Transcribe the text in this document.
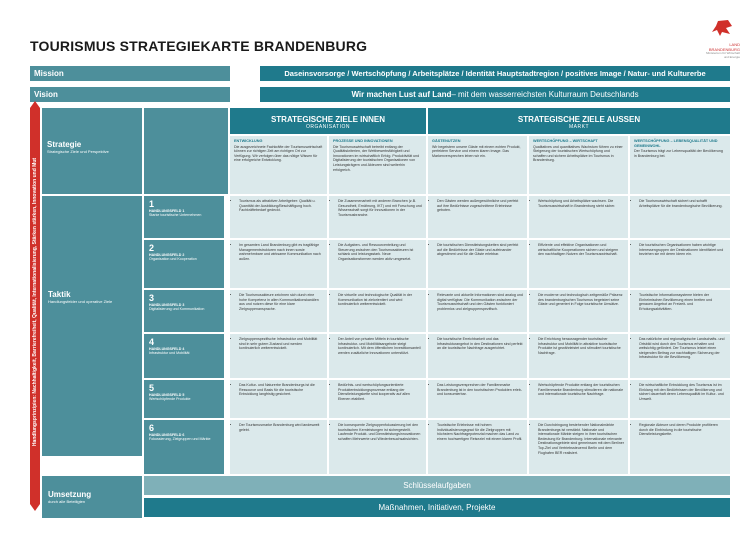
TOURISMUS STRATEGIEKARTE BRANDENBURG	LAND
BRANDENBURG
Ministerium für Wirtschaft
und Energie
Mission	Daseinsvorsorge / Wertschöpfung / Arbeitsplätze / Identität Hauptstadtregion / positives Image / Natur- und Kulturerbe
Vision	Wir machen Lust auf Land – mit dem wasserreichsten Kulturraum Deutschlands
Handlungsprinzipien: Nachhaltigkeit, Barrierefreiheit, Qualität, Internationalisierung, Stärken stärken, Innovation und Mut
Strategie
Strategische Ziele und Perspektive
STRATEGISCHE ZIELE INNEN
ORGANISATION
STRATEGISCHE ZIELE AUSSEN
MARKT
ENTWICKLUNG
Die ausgezeichnete Fachkräfte der Tourismuswirtschaft können zur richtigen Zeit am richtigen Ort zur Verfügung. Wir verfolgen über das nötige Wissen für eine erfolgreiche Entwicklung.
PROZESSE UND INNOVATIONEN
Die Tourismuswirtschaft betreibt entlang der Qualitätskriterien, der Wettbewerbsfähigkeit und Innovationen im wirtschaftlich Erfolg. Produktivität und Digitalisierung der touristischen Organisationen von Leistungsträgern und Akteuren sind weiterhin erfolgreich.
GÄSTENUTZEN
Wir begeistern unsere Gäste mit einem echten Produkt, perfektem Service und einem klaren Image. Das Markenversprechen leben wir ein.
WERTSCHÖPFUNG – WIRTSCHAFT
Qualitatives und quantitatives Wachstum führen zu einer Steigerung der touristischen Wertschöpfung und schaffen und sichern Arbeitsplätze im Tourismus in Brandenburg.
WERTSCHÖPFUNG – LEBENSQUALITÄT UND GEMEINWOHL
Der Tourismus trägt zur Lebensqualität der Bevölkerung in Brandenburg bei.
Taktik
Handlungsfelder und operative Ziele
1
HANDLUNGSFELD 1
Starke touristische Unternehmen
• Tourismus als attraktiver Arbeitgeber: Qualität u. Quantität der Ausbildung/Beschäftigung hoch. Fachkräftebedarf gedeckt.
• Die Zusammenarbeit mit anderen Branchen (z.B. Gesundheit, Ernährung, IKT) und mit Forschung und Wissenschaft sorgt für Innovationen in der Tourismusbranche.
• Den Gästen werden außergewöhnliche und perfekt auf ihre Bedürfnisse zugeschnittene Erlebnisse geboten.
• Wertschöpfung und Arbeitsplätze wachsen. Die Tourismuswirtschaft in Brandenburg steht sicher.
• Die Tourismuswirtschaft sichert und schafft Arbeitsplätze für die brandenburgische Bevölkerung.
2
HANDLUNGSFELD 2
Organisation und Kooperation
• Im gesamten Land Brandenburg gibt es tragfähige Managementstrukturen nach innen sowie wahrnehmbare und wirksame Kommunikation nach außen.
• Die Aufgaben- und Ressourcenteilung und Steuerung zwischen den Tourismusakteuren ist schlank und leistungsstark. Neue Organisationsformen werden aktiv umgesetzt.
• Die touristischen Dienstleistungsketten sind perfekt auf die Bedürfnisse der Gäste und aufeinander abgestimmt und für die Gäste erlebbar.
• Effiziente und effektive Organisationen und wirtschaftliche Kooperationen sichern und steigern den nachhaltigen Nutzen der Tourismuswirtschaft.
• Die touristischen Organisationen haben wichtige Interessengruppen der Destinationen identifiziert und beziehen sie mit deren Ideen ein.
3
HANDLUNGSFELD 3
Digitalisierung und Kommunikation
• Die Tourismusakteure zeichnen sich durch eine hohe Kompetenz in allen Kommunikationskanälen aus und nutzen diese für eine klare Zielgruppenansprache.
• Die virtuelle und technologische Qualität in der Kommunikation ist zielorientiert und wird kontinuierlich weiterentwickelt.
• Relevante und aktuelle Informationen sind analog und digital verfügbar. Die Kommunikation zwischen der Tourismuswirtschaft und den Gästen funktioniert problemlos und zielgruppenspezifisch.
• Die moderne und technologisch zeitgemäße Präsenz des brandenburgischen Tourismus begeistert seine Gäste und generiert in Folge touristische Umsätze.
• Touristische Informationssysteme bieten der Einheimischen Bevölkerung einen breiten und genauen Angebot an Freizeit- und Erholungsaktivitäten.
4
HANDLUNGSFELD 4
Infrastruktur und Mobilität
• Zielgruppenspezifische Infrastruktur und Mobilität sind in sehr gutem Zustand und werden kontinuierlich weiterentwickelt.
• Der Anteil von privaten Mitteln in touristische Infrastruktur- und Mobilitätsangebote steigt kontinuierlich. Mit dem öffentlichen Investitionsanteil werden zusätzliche Innovationen unterstützt.
• Die touristische Erreichbarkeit und das Infrastrukturangebot in den Destinationen sind perfekt an die touristische Nachfrage ausgerichtet.
• Die Errichtung herausragender touristischer Infrastruktur und Mobilität in attraktive touristische Produkte ist gewährleistet und stimuliert touristische Nachfrage.
• Das natürliche und regionaltypische Landschafts- und Ortsbild wird durch den Tourismus erhalten und weitsichtig gefördert. Der Tourismus leistet einen steigenden Beitrag zur nachhaltigen Sicherung der Infrastruktur für die Bevölkerung.
5
HANDLUNGSFELD 5
Wertschöpfende Produkte
• Das Kultur- und Naturerbe Brandenburgs ist die Ressource und Basis für die touristische Entwicklung langfristig gesichert.
• Bedürfnis- und wertschöpfungsorientierte Produktentwicklungsprozesse entlang der Dienstleistungskette sind kooperativ auf allen Ebenen etabliert.
• Das Leistungsversprechen der Familienmarke Brandenburg ist in den touristischen Produkten erleb- und konsumierbar.
• Wertschöpfende Produkte entlang der touristischen Familienmarke Brandenburg stimulieren die nationale und internationale touristische Nachfrage.
• Die wirtschaftliche Entwicklung des Tourismus ist im Einklang mit den Bedürfnissen der Bevölkerung und sichert dauerhaft deren Lebensqualität im Kultur- und Umwelt.
6
HANDLUNGSFELD 6
Fokussierung, Zielgruppen und Märkte
• Der Tourismusmarke Brandenburg wird landesweit gelebt.
• Die konsequente Zielgruppenfokussierung bei den touristischen Kernleistungen ist sichergestellt. Laufende Produkt- und Dienstleistungsinnovationen schaffen Mehrwerte und Wiederbesuchsabsichten.
• Touristische Erlebnisse mit hohem Individualisierungsgrad für die Zielgruppen mit höchstem Nachfragepotenzial machen das Land zu einem hochwertigen Reiseziel mit einem klaren Profil.
• Die Durchdringung bestehender Nationalmärkte Brandenburgs ist verstärkt. Nationale und internationale Märkte steigen in ihrer touristischen Bedeutung für Brandenburg. Internationale relevante Destinationsgebiete sind gemeinsam mit dem Berliner Top-Ziel und Vertriebssteuernd Berlin und dem Flughafen BER realisiert.
• Regionale Akteure und deren Produkte profitieren durch die Einbindung in die touristische Dienstleistungskette.
Umsetzung
durch alle Beteiligten
Schlüsselaufgaben
Maßnahmen, Initiativen, Projekte
